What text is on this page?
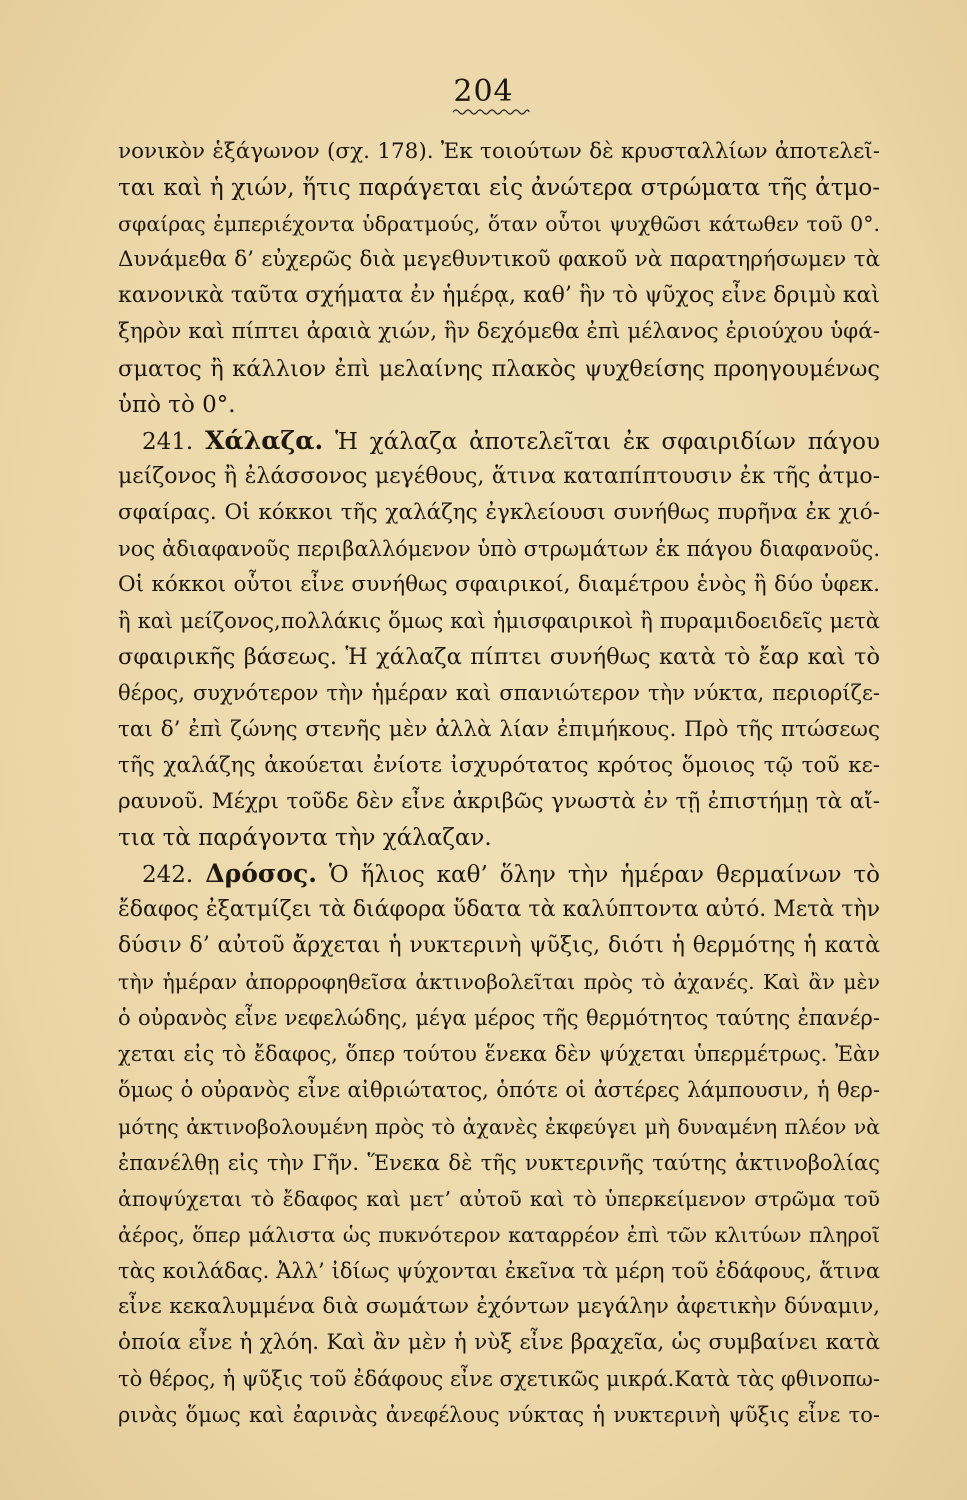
204
νονικὸν ἑξάγωνον (σχ. 178). Ἐκ τοιούτων δὲ κρυσταλλίων ἀποτελεῖ-
ται καὶ ἡ χιών, ἥτις παράγεται εἰς ἀνώτερα στρώματα τῆς ἀτμο-
σφαίρας ἐμπεριέχοντα ὑδρατμούς, ὅταν οὗτοι ψυχθῶσι κάτωθεν τοῦ 0°.
Δυνάμεθα δ’ εὐχερῶς διὰ μεγεθυντικοῦ φακοῦ νὰ παρατηρήσωμεν τὰ
κανονικὰ ταῦτα σχήματα ἐν ἡμέρᾳ, καθ’ ἣν τὸ ψῦχος εἶνε δριμὺ καὶ
ξηρὸν καὶ πίπτει ἀραιὰ χιών, ἣν δεχόμεθα ἐπὶ μέλανος ἐριούχου ὑφά-
σματος ἢ κάλλιον ἐπὶ μελαίνης πλακὸς ψυχθείσης προηγουμένως
ὑπὸ τὸ 0°.
241. Χάλαζα. Ἡ χάλαζα ἀποτελεῖται ἐκ σφαιριδίων πάγου
μείζονος ἢ ἐλάσσονος μεγέθους, ἅτινα καταπίπτουσιν ἐκ τῆς ἀτμο-
σφαίρας. Οἱ κόκκοι τῆς χαλάζης ἐγκλείουσι συνήθως πυρῆνα ἐκ χιό-
νος ἀδιαφανοῦς περιβαλλόμενον ὑπὸ στρωμάτων ἐκ πάγου διαφανοῦς.
Οἱ κόκκοι οὗτοι εἶνε συνήθως σφαιρικοί, διαμέτρου ἑνὸς ἢ δύο ὑφεκ.
ἢ καὶ μείζονος,πολλάκις ὅμως καὶ ἡμισφαιρικοὶ ἢ πυραμιδοειδεῖς μετὰ
σφαιρικῆς βάσεως. Ἡ χάλαζα πίπτει συνήθως κατὰ τὸ ἔαρ καὶ τὸ
θέρος, συχνότερον τὴν ἡμέραν καὶ σπανιώτερον τὴν νύκτα, περιορίζε-
ται δ’ ἐπὶ ζώνης στενῆς μὲν ἀλλὰ λίαν ἐπιμήκους. Πρὸ τῆς πτώσεως
τῆς χαλάζης ἀκούεται ἐνίοτε ἰσχυρότατος κρότος ὅμοιος τῷ τοῦ κε-
ραυνοῦ. Μέχρι τοῦδε δὲν εἶνε ἀκριβῶς γνωστὰ ἐν τῇ ἐπιστήμῃ τὰ αἴ-
τια τὰ παράγοντα τὴν χάλαζαν.
242. Δρόσος. Ὁ ἥλιος καθ’ ὅλην τὴν ἡμέραν θερμαίνων τὸ
ἔδαφος ἐξατμίζει τὰ διάφορα ὕδατα τὰ καλύπτοντα αὐτό. Μετὰ τὴν
δύσιν δ’ αὐτοῦ ἄρχεται ἡ νυκτερινὴ ψῦξις, διότι ἡ θερμότης ἡ κατὰ
τὴν ἡμέραν ἀπορροφηθεῖσα ἀκτινοβολεῖται πρὸς τὸ ἀχανές. Καὶ ἂν μὲν
ὁ οὐρανὸς εἶνε νεφελώδης, μέγα μέρος τῆς θερμότητος ταύτης ἐπανέρ-
χεται εἰς τὸ ἔδαφος, ὅπερ τούτου ἕνεκα δὲν ψύχεται ὑπερμέτρως. Ἐὰν
ὅμως ὁ οὐρανὸς εἶνε αἰθριώτατος, ὁπότε οἱ ἀστέρες λάμπουσιν, ἡ θερ-
μότης ἀκτινοβολουμένη πρὸς τὸ ἀχανὲς ἐκφεύγει μὴ δυναμένη πλέον νὰ
ἐπανέλθῃ εἰς τὴν Γῆν. Ἕνεκα δὲ τῆς νυκτερινῆς ταύτης ἀκτινοβολίας
ἀποψύχεται τὸ ἔδαφος καὶ μετ’ αὐτοῦ καὶ τὸ ὑπερκείμενον στρῶμα τοῦ
ἀέρος, ὅπερ μάλιστα ὡς πυκνότερον καταρρέον ἐπὶ τῶν κλιτύων πληροῖ
τὰς κοιλάδας. Ἀλλ’ ἰδίως ψύχονται ἐκεῖνα τὰ μέρη τοῦ ἐδάφους, ἅτινα
εἶνε κεκαλυμμένα διὰ σωμάτων ἐχόντων μεγάλην ἀφετικὴν δύναμιν,
ὁποία εἶνε ἡ χλόη. Καὶ ἂν μὲν ἡ νὺξ εἶνε βραχεῖα, ὡς συμβαίνει κατὰ
τὸ θέρος, ἡ ψῦξις τοῦ ἐδάφους εἶνε σχετικῶς μικρά.Κατὰ τὰς φθινοπω-
ρινὰς ὅμως καὶ ἐαρινὰς ἀνεφέλους νύκτας ἡ νυκτερινὴ ψῦξις εἶνε το-
